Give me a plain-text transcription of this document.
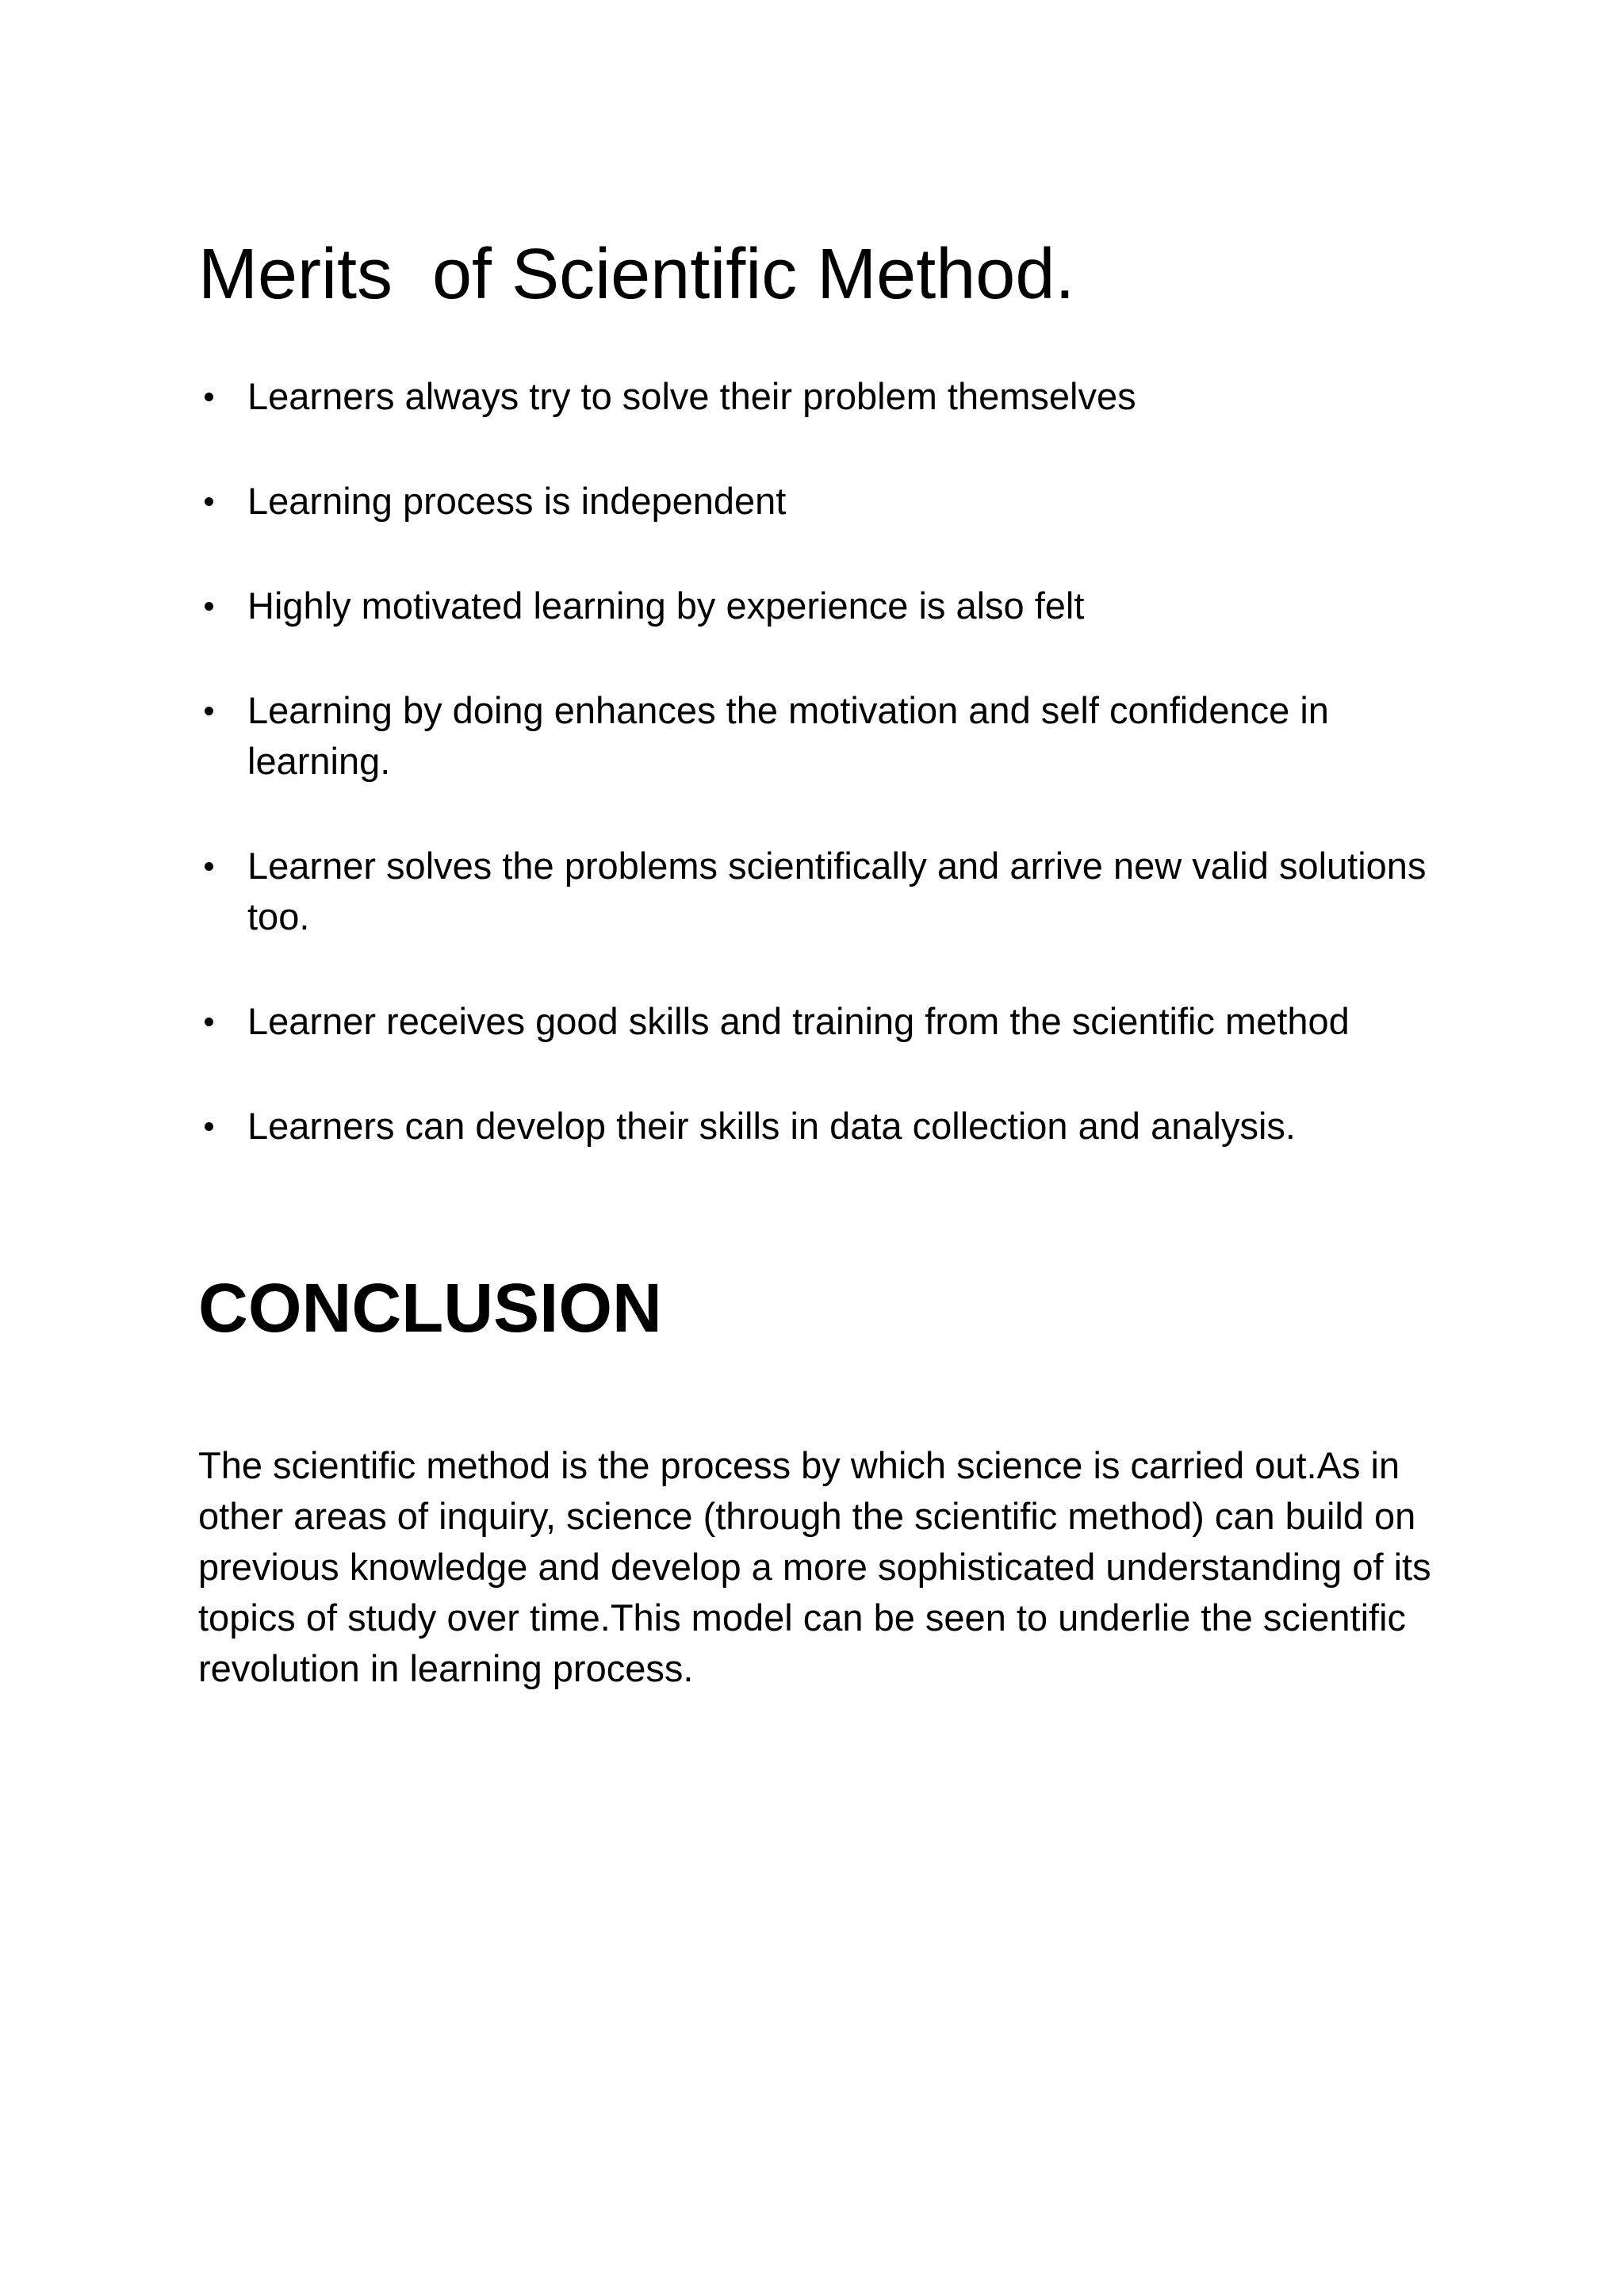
Merits  of Scientific Method.
Learners always try to solve their problem themselves
Learning process is independent
Highly motivated learning by experience is also felt
Learning by doing enhances the motivation and self confidence in learning.
Learner solves the problems scientifically and arrive new valid solutions too.
Learner receives good skills and training from the scientific method
Learners can develop their skills in data collection and analysis.
CONCLUSION

The scientific method is the process by which science is carried out.As in other areas of inquiry, science (through the scientific method) can build on previous knowledge and develop a more sophisticated understanding of its topics of study over time.This model can be seen to underlie the scientific revolution in learning process.
